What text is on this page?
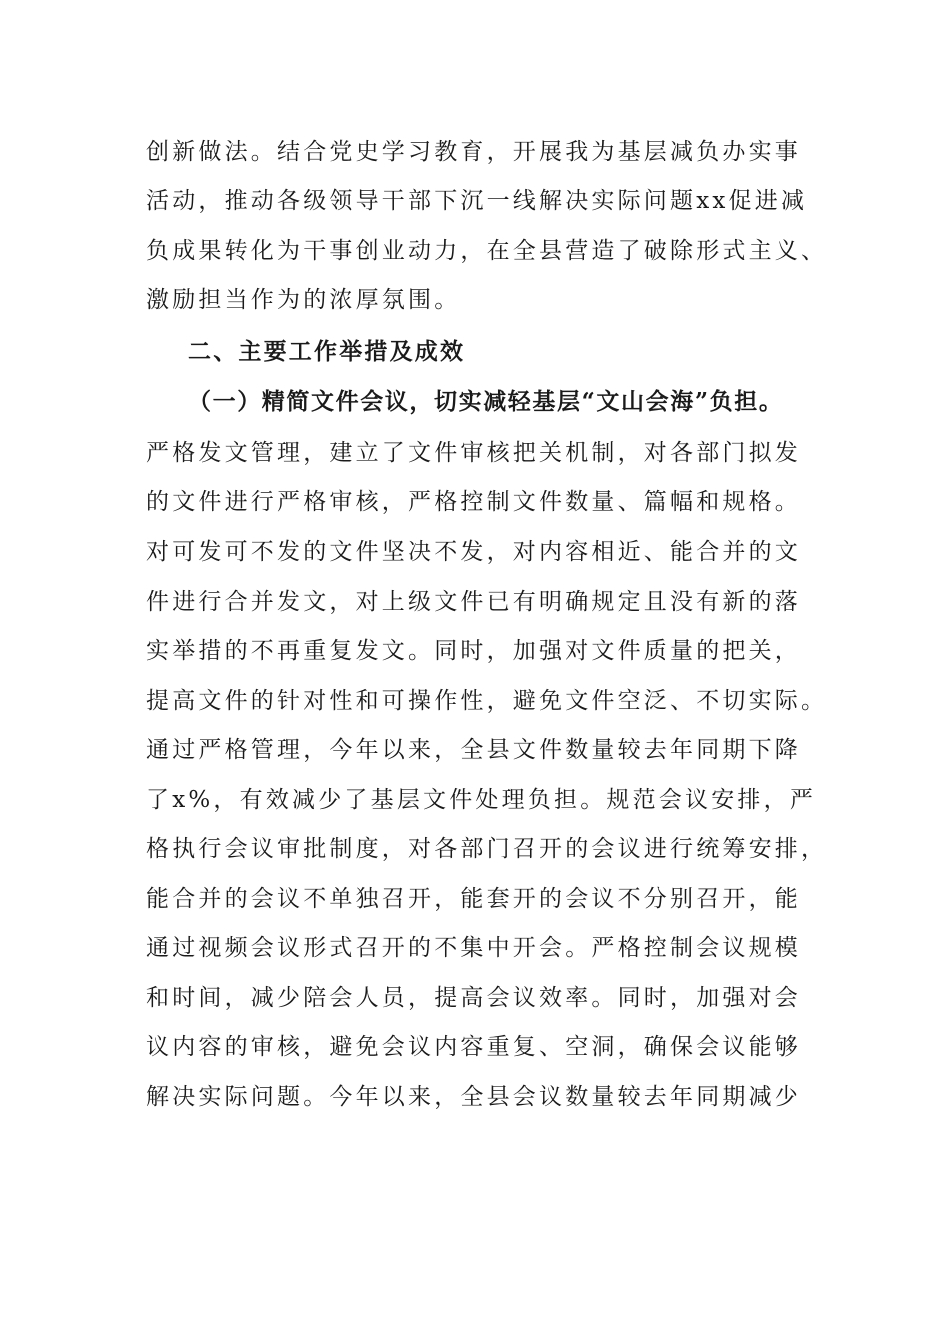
创新做法。结合党史学习教育，开展我为基层减负办实事
活动，推动各级领导干部下沉一线解决实际问题xx促进减
负成果转化为干事创业动力，在全县营造了破除形式主义、
激励担当作为的浓厚氛围。
二、主要工作举措及成效
（一）精简文件会议，切实减轻基层“文山会海”负担。
严格发文管理，建立了文件审核把关机制，对各部门拟发
的文件进行严格审核，严格控制文件数量、篇幅和规格。
对可发可不发的文件坚决不发，对内容相近、能合并的文
件进行合并发文，对上级文件已有明确规定且没有新的落
实举措的不再重复发文。同时，加强对文件质量的把关，
提高文件的针对性和可操作性，避免文件空泛、不切实际。
通过严格管理，今年以来，全县文件数量较去年同期下降
了x%，有效减少了基层文件处理负担。规范会议安排，严
格执行会议审批制度，对各部门召开的会议进行统筹安排，
能合并的会议不单独召开，能套开的会议不分别召开，能
通过视频会议形式召开的不集中开会。严格控制会议规模
和时间，减少陪会人员，提高会议效率。同时，加强对会
议内容的审核，避免会议内容重复、空洞，确保会议能够
解决实际问题。今年以来，全县会议数量较去年同期减少
